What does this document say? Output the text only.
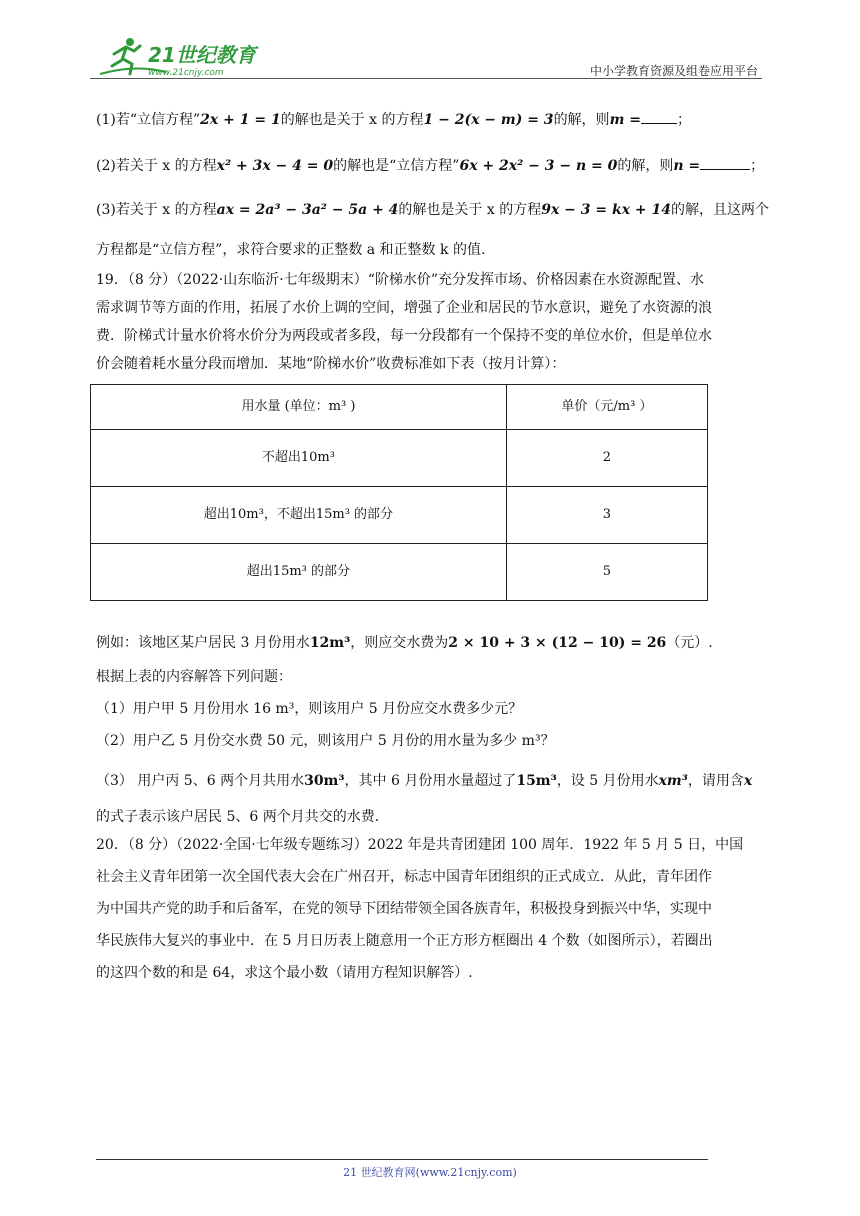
21世纪教育
www.21cnjy.com	中小学教育资源及组卷应用平台
(1)若“立信方程”2x + 1 = 1的解也是关于 x 的方程1 − 2(x − m) = 3的解，则m =	；
(2)若关于 x 的方程x² + 3x − 4 = 0的解也是“立信方程”6x + 2x² − 3 − n = 0的解，则n =	；
(3)若关于 x 的方程ax = 2a³ − 3a² − 5a + 4的解也是关于 x 的方程9x − 3 = kx + 14的解，且这两个
方程都是“立信方程”，求符合要求的正整数 a 和正整数 k 的值.
19．（8 分）（2022·山东临沂·七年级期末）“阶梯水价”充分发挥市场、价格因素在水资源配置、水
需求调节等方面的作用，拓展了水价上调的空间，增强了企业和居民的节水意识，避免了水资源的浪
费．阶梯式计量水价将水价分为两段或者多段，每一分段都有一个保持不变的单位水价，但是单位水
价会随着耗水量分段而增加．某地“阶梯水价”收费标准如下表（按月计算）：
用水量 (单位：m³ )	单价（元/m³ ）
不超出10m³	2
超出10m³，不超出15m³ 的部分	3
超出15m³ 的部分	5
例如：该地区某户居民 3 月份用水12m³，则应交水费为2 × 10 + 3 × (12 − 10) = 26（元）.
根据上表的内容解答下列问题：
（1）用户甲 5 月份用水 16 m³，则该用户 5 月份应交水费多少元？
（2）用户乙 5 月份交水费 50 元，则该用户 5 月份的用水量为多少 m³？
（3） 用户丙 5、6 两个月共用水30m³，其中 6 月份用水量超过了15m³，设 5 月份用水xm³，请用含x
的式子表示该户居民 5、6 两个月共交的水费.
20．（8 分）（2022·全国·七年级专题练习）2022 年是共青团建团 100 周年．1922 年 5 月 5 日，中国
社会主义青年团第一次全国代表大会在广州召开，标志中国青年团组织的正式成立．从此，青年团作
为中国共产党的助手和后备军，在党的领导下团结带领全国各族青年，积极投身到振兴中华，实现中
华民族伟大复兴的事业中．在 5 月日历表上随意用一个正方形方框圈出 4 个数（如图所示），若圈出
的这四个数的和是 64，求这个最小数（请用方程知识解答）.
21 世纪教育网(www.21cnjy.com)
